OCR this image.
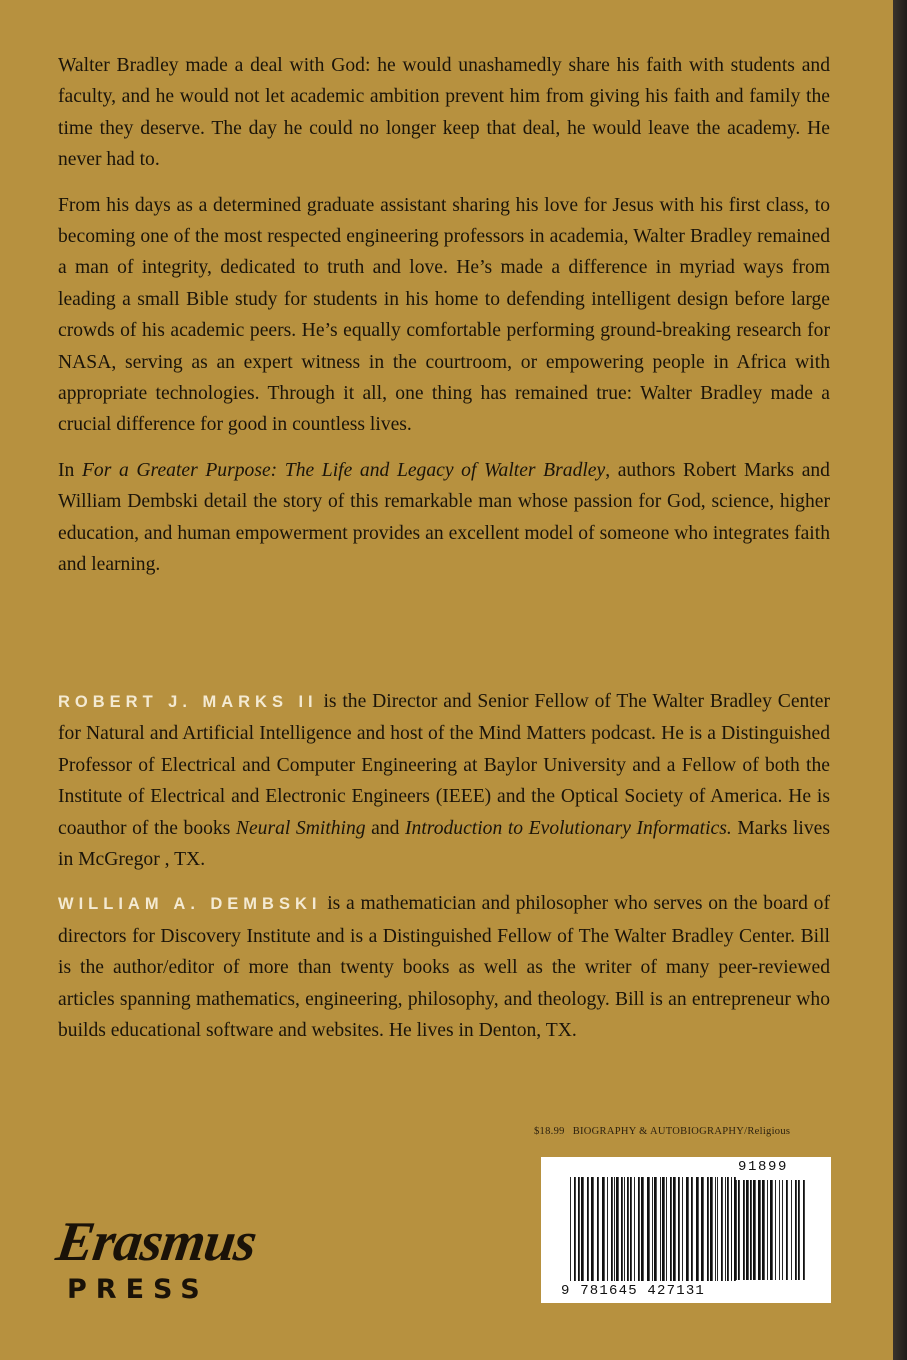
Walter Bradley made a deal with God: he would unashamedly share his faith with students and faculty, and he would not let academic ambition prevent him from giving his faith and family the time they deserve. The day he could no longer keep that deal, he would leave the academy. He never had to.

From his days as a determined graduate assistant sharing his love for Jesus with his first class, to becoming one of the most respected engineering professors in academia, Walter Bradley remained a man of integrity, dedicated to truth and love. He’s made a difference in myriad ways from leading a small Bible study for students in his home to defending intelligent design before large crowds of his academic peers. He’s equally comfortable performing ground-breaking research for NASA, serving as an expert witness in the courtroom, or empowering people in Africa with appropriate technologies. Through it all, one thing has remained true: Walter Bradley made a crucial difference for good in countless lives.

In For a Greater Purpose: The Life and Legacy of Walter Bradley, authors Robert Marks and William Dembski detail the story of this remarkable man whose passion for God, science, higher education, and human empowerment provides an excellent model of someone who integrates faith and learning.

ROBERT J. MARKS II is the Director and Senior Fellow of The Walter Bradley Center for Natural and Artificial Intelligence and host of the Mind Matters podcast. He is a Distinguished Professor of Electrical and Computer Engineering at Baylor University and a Fellow of both the Institute of Electrical and Electronic Engineers (IEEE) and the Optical Society of America. He is coauthor of the books Neural Smithing and Introduction to Evolutionary Informatics. Marks lives in McGregor , TX.

WILLIAM A. DEMBSKI is a mathematician and philosopher who serves on the board of directors for Discovery Institute and is a Distinguished Fellow of The Walter Bradley Center. Bill is the author/editor of more than twenty books as well as the writer of many peer-reviewed articles spanning mathematics, engineering, philosophy, and theology. Bill is an entrepreneur who builds educational software and websites. He lives in Denton, TX.

$18.99 BIOGRAPHY & AUTOBIOGRAPHY/Religious
91899
9 781645 427131
Erasmus
PRESS
